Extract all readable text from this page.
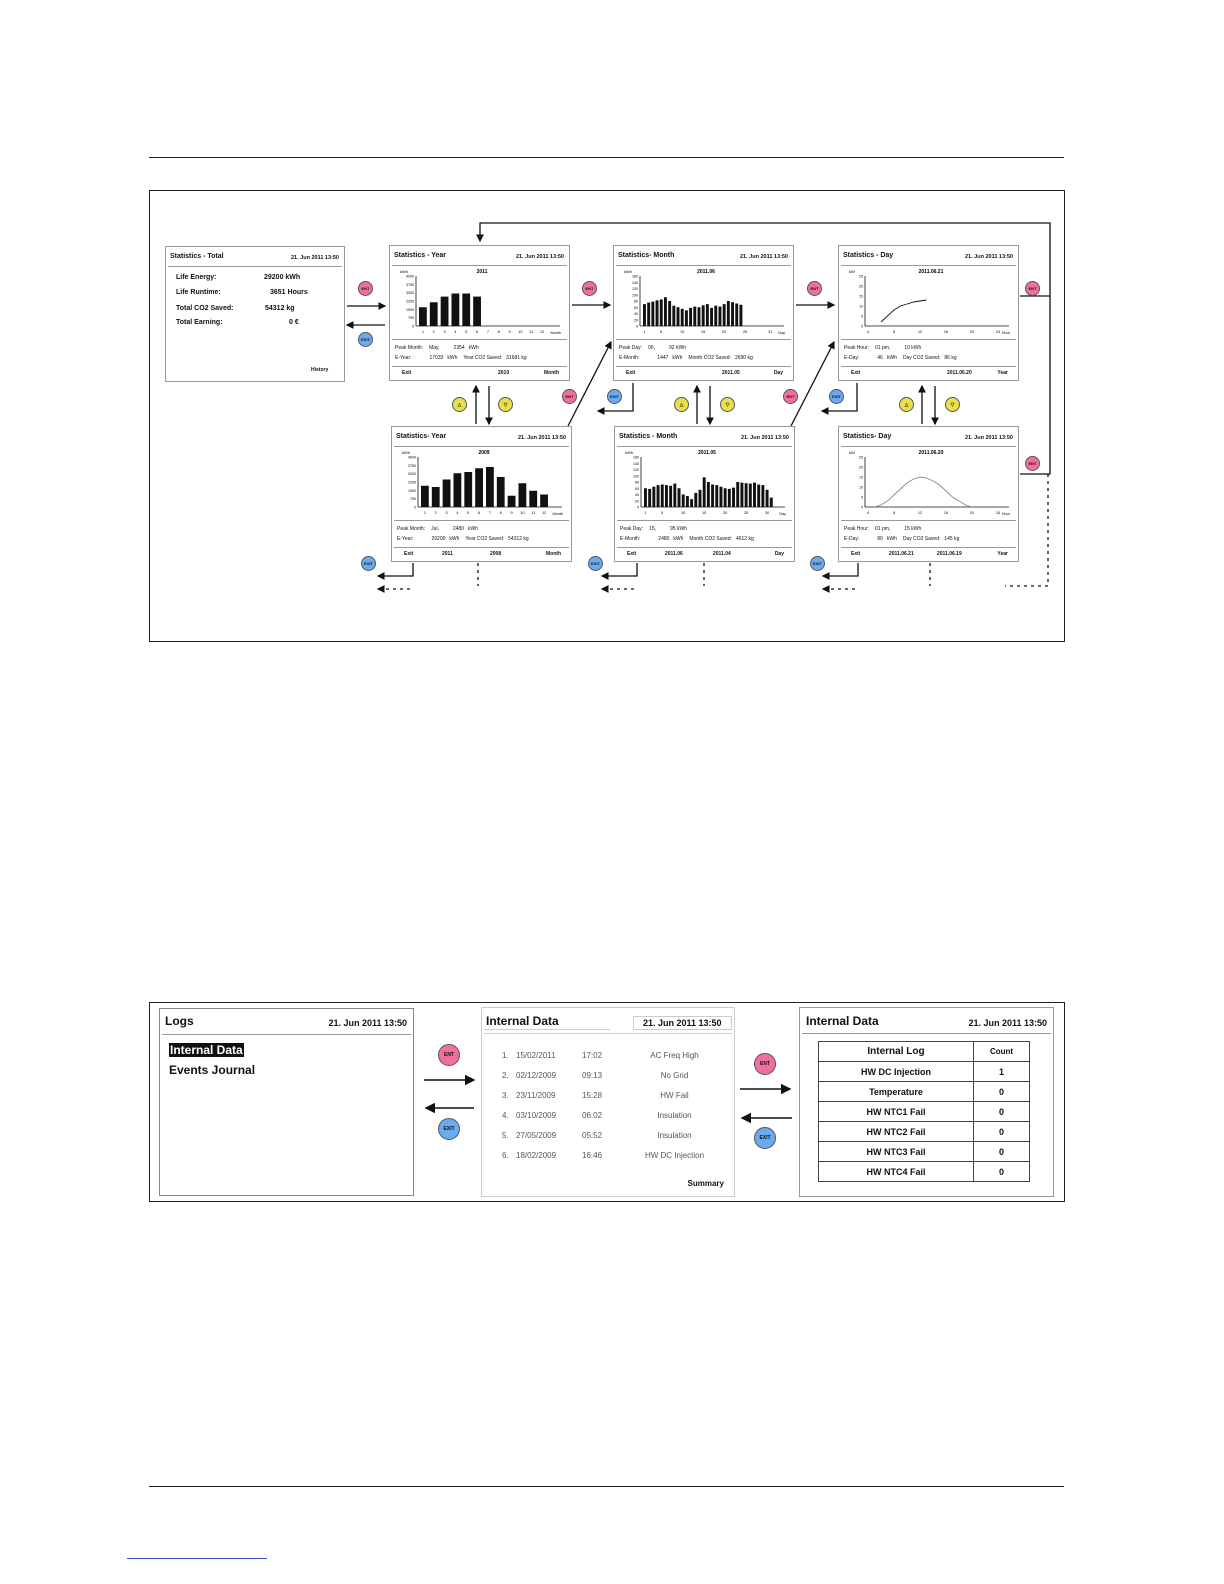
ENT
EXIT
ENT	ENT	ENT
ENT
ENT	EXIT	ENT	EXIT
EXIT	EXIT	EXIT
▵	▿	▵	▿	▵	▿
Statistics - Total	21. Jun 2011 13:50
Life Energy:	29200 kWh
Life Runtime:	3651 Hours
Total CO2 Saved:	54312 kg
Total Earning:	0 €
History
Statistics - Year	21. Jun 2011 13:50
2011
kWh
0
750
1500
2250
3000
3750
4000
Month
1 2 3 4 5 6 7 8 9 10 11 12
Peak Month: May,	2354 kWh
E-Year:	17033 kWh Year CO2 Saved: 31681 kg
Exit	2010	Month
Statistics- Month	21. Jun 2011 13:50
2011.06
kWh
0
20
40
60
80
100
120
140
160
Day
1	5	10	15	20	25	31
Peak Day: 06,	92 kWh
E-Month:	1447 kWh Month CO2 Saved: 2690 kg
Exit	2011.05	Day
Statistics - Day	21. Jun 2011 13:50
2011.06.21
kW
0
5
10
15
20
25
Hour
4	8	12	16	20	24
Peak Hour: 01 pm,	10 kWh
E-Day:	46 kWh Day CO2 Saved: 86 kg
Exit	2011.06.20	Year
Statistics- Year	21. Jun 2011 13:50
2009
kWh
0
750
1500
2250
3000
3750
4000
Month
1 2 3 4 5 6 7 8 9 10 11 12
Peak Month: Jul,	2480 kWh
E-Year:	29200 kWh Year CO2 Saved: 54312 kg
Exit	2011	2008	Month
Statistics - Month	21. Jun 2011 13:50
2011.05
kWh
0
20
40
60
80
100
120
140
160
Day
1	5	10	15	20	25	30
Peak Day: 15,	95 kWh
E-Month:	2480 kWh Month CO2 Saved: 4612 kg
Exit	2011.06	2011.04	Day
Statistics- Day	21. Jun 2011 13:50
2011.06.20
kW
0
5
10
15
20
25
Hour
4	8	12	16	20	24
Peak Hour: 01 pm,	15 kWh
E-Day:	80 kWh Day CO2 Saved: 145 kg
Exit	2011.06.21	2011.06.19	Year
Logs	21. Jun 2011 13:50
Internal Data
Events Journal
ENT
EXIT
ENT
EXIT
Internal Data	21. Jun 2011 13:50
1. 15/02/2011	17:02	AC Freq High
2. 02/12/2009	09:13	No Grid
3. 23/11/2009	15:28	HW Fail
4. 03/10/2009	06:02	Insulation
5. 27/05/2009	05:52	Insulation
6. 18/02/2009	16:46	HW DC Injection
Summary
Internal Data	21. Jun 2011 13:50
Internal Log	Count
HW DC Injection	1
Temperature	0
HW NTC1 Fail	0
HW NTC2 Fail	0
HW NTC3 Fail	0
HW NTC4 Fail	0
